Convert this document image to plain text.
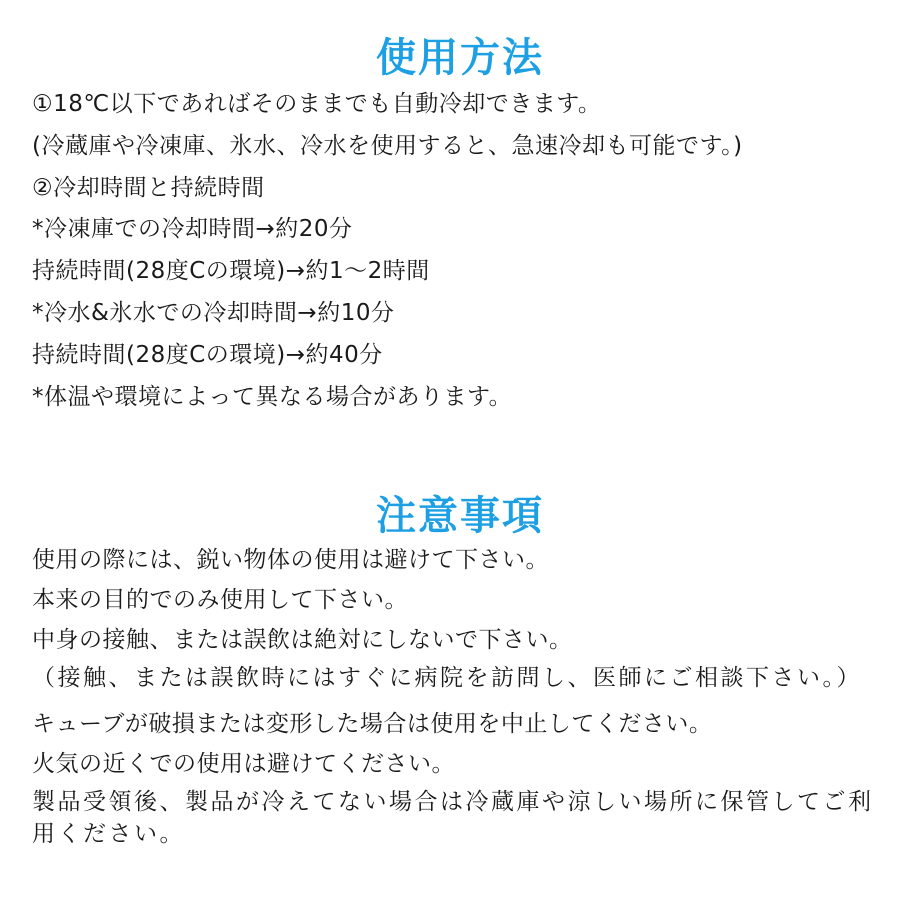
使用方法
①18℃以下であればそのままでも自動冷却できます。
(冷蔵庫や冷凍庫、氷水、冷水を使用すると、急速冷却も可能です。)
②冷却時間と持続時間
*冷凍庫での冷却時間→約20分
持続時間(28度Cの環境)→約1～2時間
*冷水&氷水での冷却時間→約10分
持続時間(28度Cの環境)→約40分
*体温や環境によって異なる場合があります。
注意事項
使用の際には、鋭い物体の使用は避けて下さい。
本来の目的でのみ使用して下さい。
中身の接触、または誤飲は絶対にしないで下さい。
（接触、または誤飲時にはすぐに病院を訪問し、医師にご相談下さい。）
キューブが破損または変形した場合は使用を中止してください。
火気の近くでの使用は避けてください。
製品受領後、製品が冷えてない場合は冷蔵庫や涼しい場所に保管してご利用ください。
